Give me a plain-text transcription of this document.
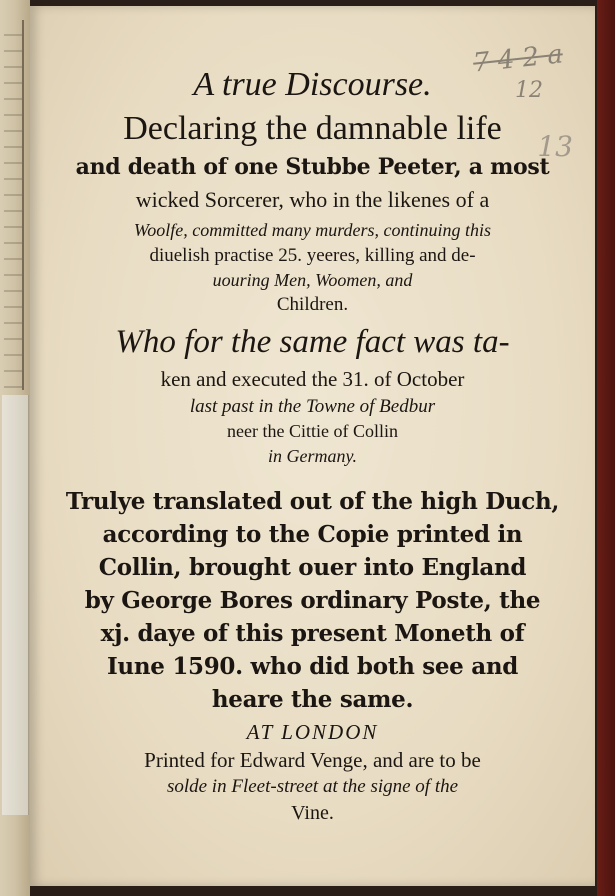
7 4 2 a
12
13
A true Discourse.
Declaring the damnable life
and death of one Stubbe Peeter, a most
wicked Sorcerer, who in the likenes of a
Woolfe, committed many murders, continuing this
diuelish practise 25. yeeres, killing and de-
uouring Men, Woomen, and
Children.
Who for the same fact was ta-
ken and executed the 31. of October
last past in the Towne of Bedbur
neer the Cittie of Collin
in Germany.
Trulye translated out of the high Duch,
according to the Copie printed in
Collin, brought ouer into England
by George Bores ordinary Poste, the
xj. daye of this present Moneth of
Iune 1590. who did both see and
heare the same.
AT LONDON
Printed for Edward Venge, and are to be
solde in Fleet-street at the signe of the
Vine.
